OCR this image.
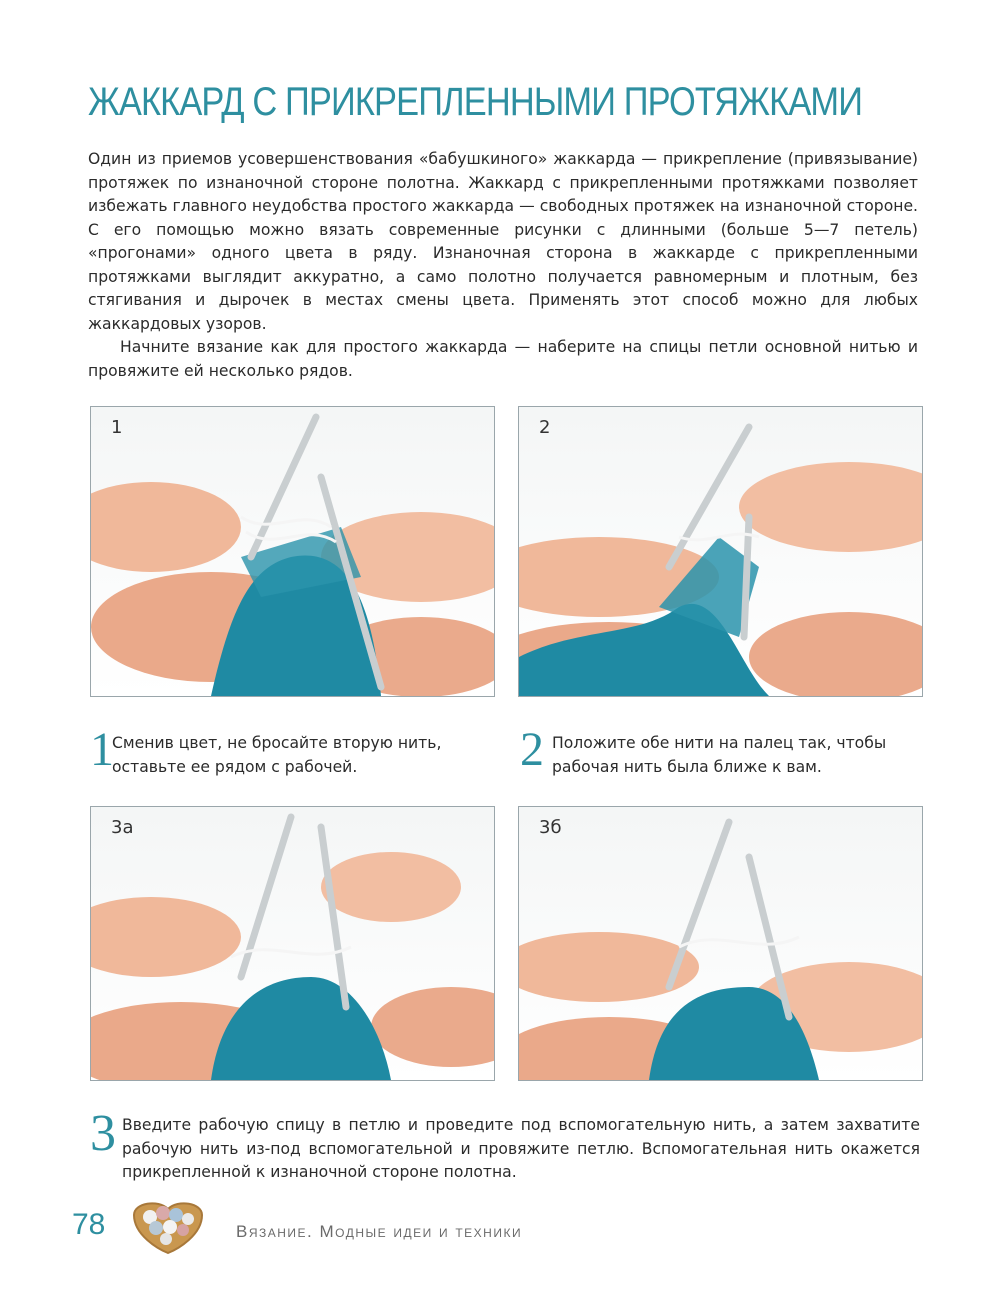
ЖАККАРД С ПРИКРЕПЛЕННЫМИ ПРОТЯЖКАМИ

Один из приемов усовершенствования «бабушкиного» жаккарда — прикрепление (привязывание) протяжек по изнаночной стороне полотна. Жаккард с прикрепленными протяжками позволяет избежать главного неудобства простого жаккарда — свободных протяжек на изнаночной стороне. С его помощью можно вязать современные рисунки с длинными (больше 5—7 петель) «прогонами» одного цвета в ряду. Изнаночная сторона в жаккарде с прикрепленными протяжками выглядит аккуратно, а само полотно получается равномерным и плотным, без стягивания и дырочек в местах смены цвета. Применять этот способ можно для любых жаккардовых узоров.

Начните вязание как для простого жаккарда — наберите на спицы петли основной нитью и провяжите ей несколько рядов.

1	2
3а	3б
1
Сменив цвет, не бросайте вторую нить, оставьте ее рядом с рабочей.	2 Положите обе нити на палец так, чтобы рабочая нить была ближе к вам.
3 Введите рабочую спицу в петлю и проведите под вспомогательную нить, а затем захватите рабочую нить из-под вспомогательной и провяжите петлю. Вспомогательная нить окажется прикрепленной к изнаночной стороне полотна.
78	Вязание. Модные идеи и техники
